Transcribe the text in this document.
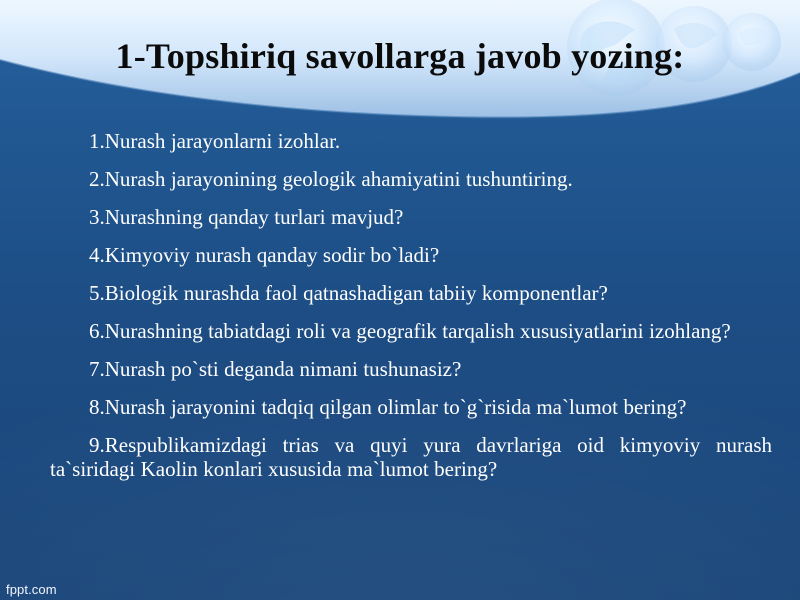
1-Topshiriq savollarga javob yozing:

1.Nurash jarayonlarni izohlar.

2.Nurash jarayonining geologik ahamiyatini tushuntiring.

3.Nurashning qanday turlari mavjud?

4.Kimyoviy nurash qanday sodir bo`ladi?

5.Biologik nurashda faol qatnashadigan tabiiy komponentlar?

6.Nurashning tabiatdagi roli va geografik tarqalish xususiyatlarini izohlang?

7.Nurash po`sti deganda nimani tushunasiz?

8.Nurash jarayonini tadqiq qilgan olimlar to`g`risida ma`lumot bering?

9.Respublikamizdagi trias va quyi yura davrlariga oid kimyoviy nurash ta`siridagi Kaolin konlari xususida ma`lumot bering?

fppt.com
